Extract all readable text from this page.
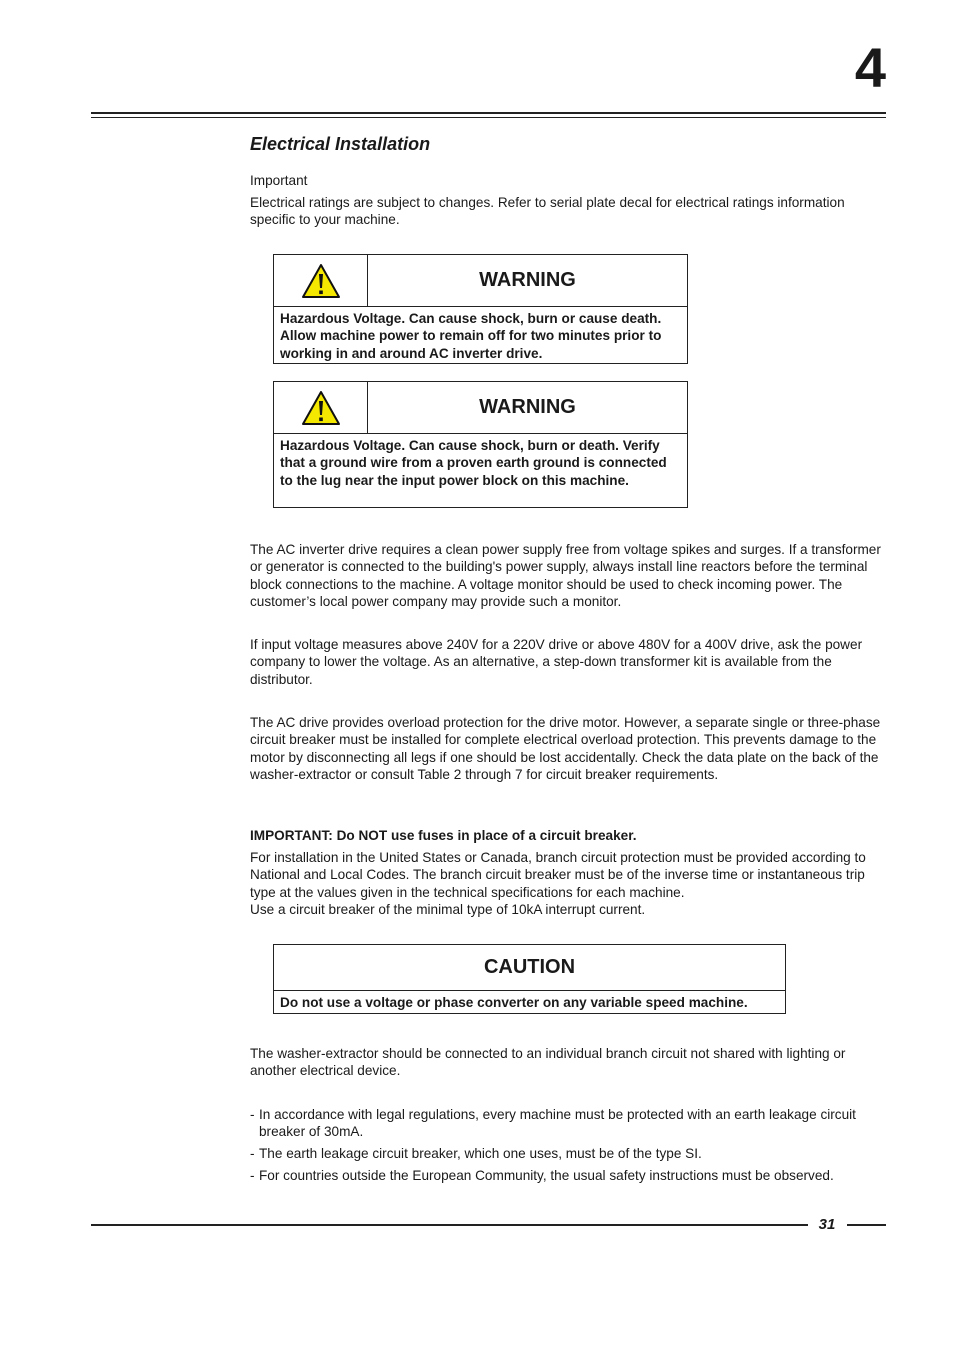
4
Electrical Installation

Important

Electrical ratings are subject to changes. Refer to serial plate decal for electrical ratings information specific to your machine.

WARNING
Hazardous Voltage. Can cause shock, burn or cause death. Allow machine power to remain off for two minutes prior to working in and around AC inverter drive.
WARNING
Hazardous Voltage. Can cause shock, burn or death. Verify that a ground wire from a proven earth ground is connected to the lug near the input power block on this machine.

The AC inverter drive requires a clean power supply free from voltage spikes and surges. If a transformer or generator is connected to the building's power supply, always install line reactors before the terminal block connections to the machine. A voltage monitor should be used to check incoming power. The customer’s local power company may provide such a monitor.

If input voltage measures above 240V for a 220V drive or above 480V for a 400V drive, ask the power company to lower the voltage. As an alternative, a step-down transformer kit is available from the distributor.

The AC drive provides overload protection for the drive motor. However, a separate single or three-phase circuit breaker must be installed for complete electrical overload protection. This prevents damage to the motor by disconnecting all legs if one should be lost accidentally. Check the data plate on the back of the washer-extractor or consult Table 2 through 7 for circuit breaker requirements.

IMPORTANT: Do NOT use fuses in place of a circuit breaker.

For installation in the United States or Canada, branch circuit protection must be provided according to National and Local Codes. The branch circuit breaker must be of the inverse time or instantaneous trip type at the values given in the technical specifications for each machine.

Use a circuit breaker of the minimal type of 10kA interrupt current.

CAUTION
Do not use a voltage or phase converter on any variable speed machine.

The washer-extractor should be connected to an individual branch circuit not shared with lighting or another electrical device.

- In accordance with legal regulations, every machine must be protected with an earth leakage circuit breaker of 30mA.
- The earth leakage circuit breaker, which one uses, must be of the type SI.
- For countries outside the European Community, the usual safety instructions must be observed.
31
